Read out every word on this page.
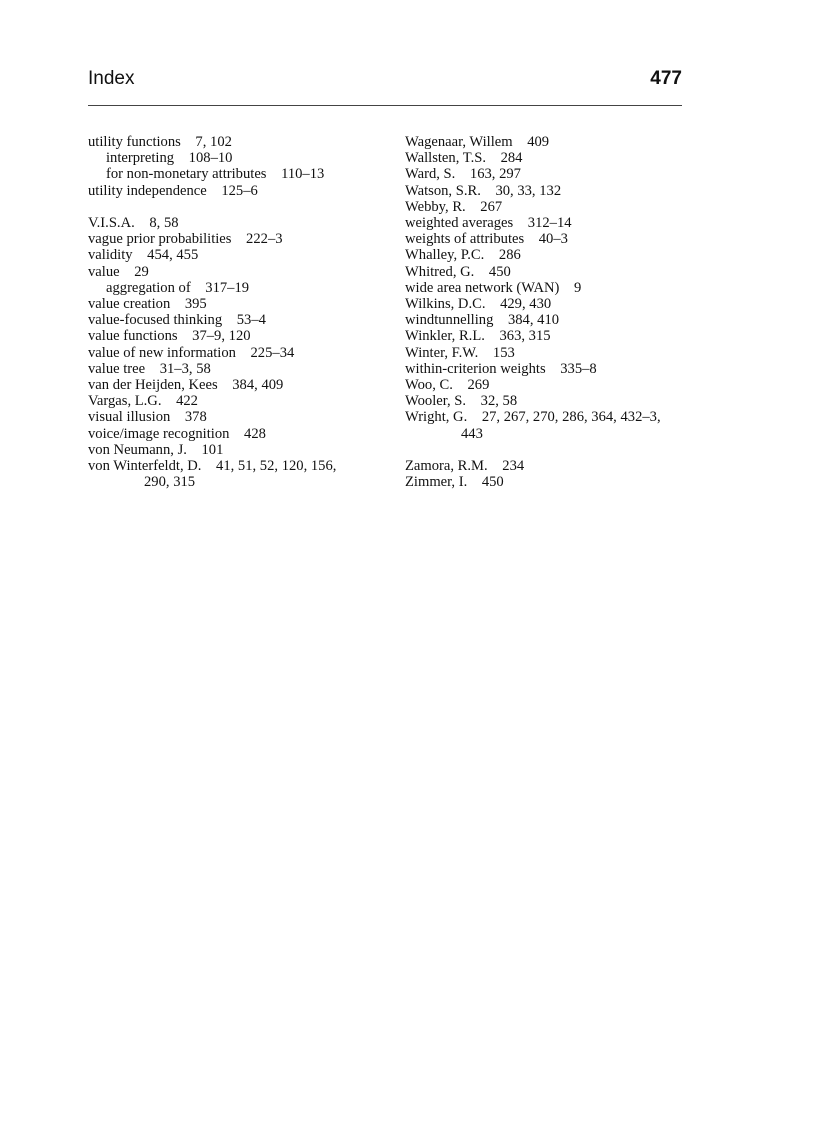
Index	477
utility functions    7, 102
interpreting    108–10
for non-monetary attributes    110–13
utility independence    125–6
V.I.S.A.    8, 58
vague prior probabilities    222–3
validity    454, 455
value    29
aggregation of    317–19
value creation    395
value-focused thinking    53–4
value functions    37–9, 120
value of new information    225–34
value tree    31–3, 58
van der Heijden, Kees    384, 409
Vargas, L.G.    422
visual illusion    378
voice/image recognition    428
von Neumann, J.    101
von Winterfeldt, D.    41, 51, 52, 120, 156,
290, 315
Wagenaar, Willem    409
Wallsten, T.S.    284
Ward, S.    163, 297
Watson, S.R.    30, 33, 132
Webby, R.    267
weighted averages    312–14
weights of attributes    40–3
Whalley, P.C.    286
Whitred, G.    450
wide area network (WAN)    9
Wilkins, D.C.    429, 430
windtunnelling    384, 410
Winkler, R.L.    363, 315
Winter, F.W.    153
within-criterion weights    335–8
Woo, C.    269
Wooler, S.    32, 58
Wright, G.    27, 267, 270, 286, 364, 432–3,
443
Zamora, R.M.    234
Zimmer, I.    450
